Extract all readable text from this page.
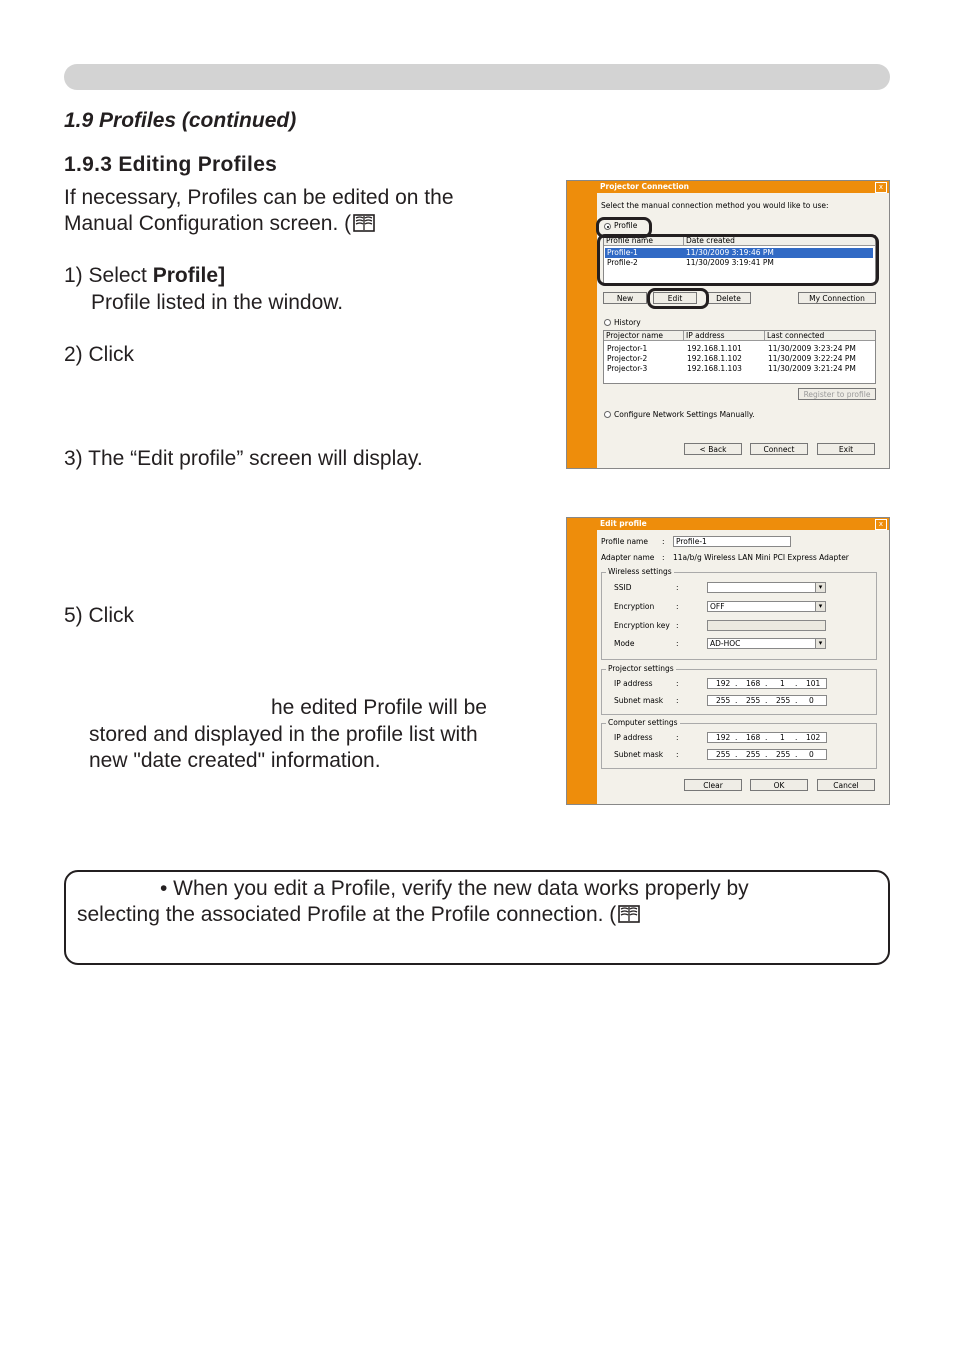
1.9 Profiles (continued)
1.9.3 Editing Profiles
If necessary, Profiles can be edited on the
Manual Configuration screen. (
1) Select Profile]
Profile listed in the window.
2) Click
3) The “Edit profile” screen will display.
5) Click
he edited Profile will be
stored and displayed in the profile list with
new "date created" information.
Projector Connection	x
Select the manual connection method you would like to use:
Profile
Profile name	Date created
Profile-1	11/30/2009 3:19:46 PM
Profile-2	11/30/2009 3:19:41 PM
New	Edit	Delete	My Connection
History
Projector name	IP address	Last connected
Projector-1	192.168.1.101	11/30/2009 3:23:24 PM
Projector-2	192.168.1.102	11/30/2009 3:22:24 PM
Projector-3	192.168.1.103	11/30/2009 3:21:24 PM
Register to profile
Configure Network Settings Manually.
< Back	Connect	Exit
Edit profile	x
Profile name :	Profile-1
Adapter name : 11a/b/g Wireless LAN Mini PCI Express Adapter
Wireless settings
SSID	:
▾
Encryption	:	OFF ▾
Encryption key :
Mode	:	AD-HOC ▾
Projector settings
IP address	:	192 . 168 . 1 . 101
Subnet mask :	255 . 255 . 255 . 0
Computer settings
IP address	:	192 . 168 . 1 . 102
Subnet mask :	255 . 255 . 255 . 0
Clear	OK	Cancel
• When you edit a Profile, verify the new data works properly by
selecting the associated Profile at the Profile connection. (
